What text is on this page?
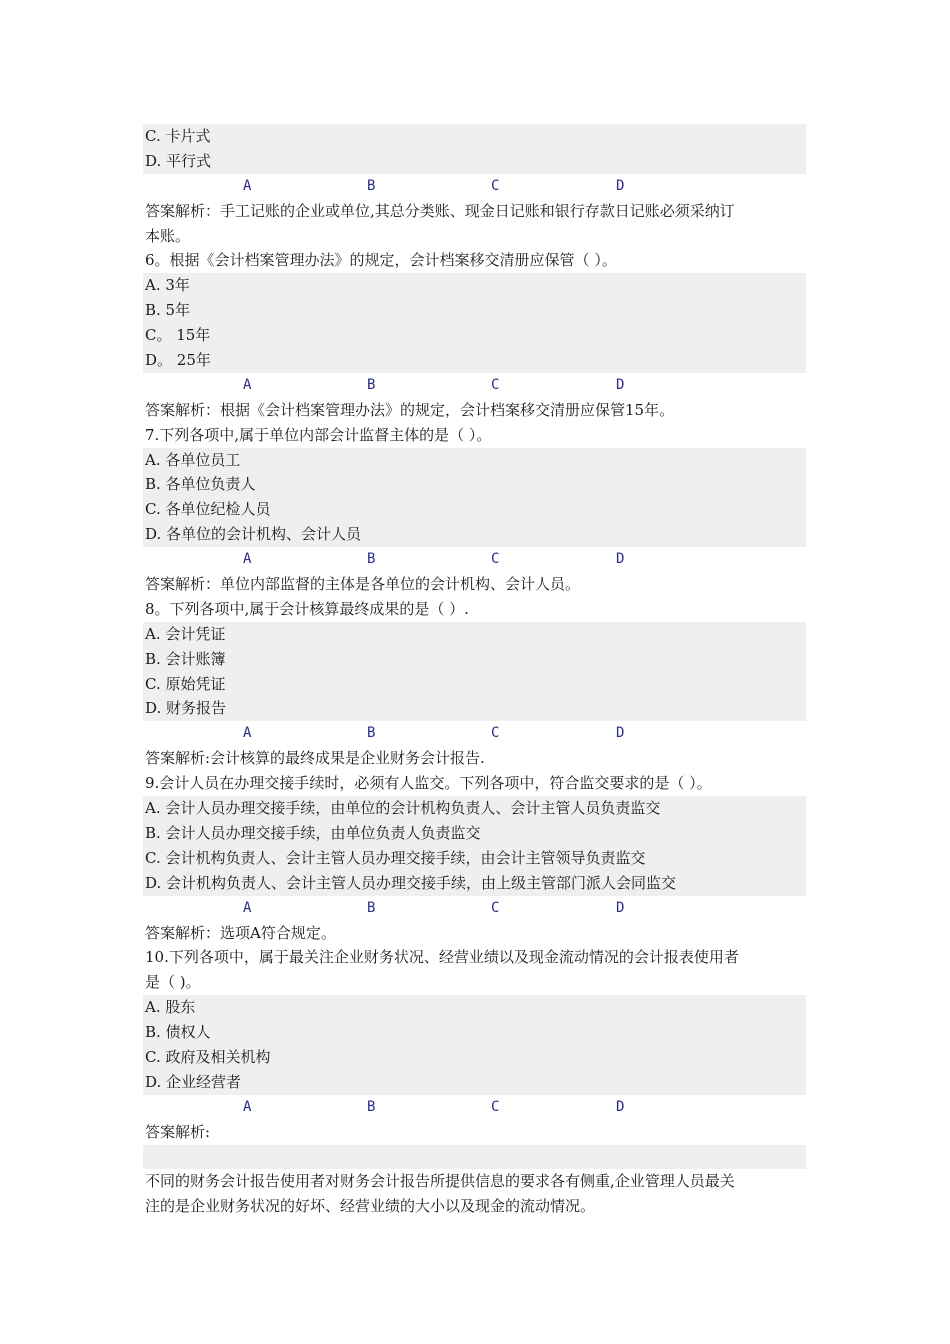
C. 卡片式
D. 平行式
A	B	C	D
答案解析：手工记账的企业或单位,其总分类账、现金日记账和银行存款日记账必须采纳订
本账。
6。根据《会计档案管理办法》的规定，会计档案移交清册应保管（ ）。
A. 3年
B. 5年
C。 15年
D。 25年
A	B	C	D
答案解析：根据《会计档案管理办法》的规定，会计档案移交清册应保管15年。
7.下列各项中,属于单位内部会计监督主体的是（ ）。
A. 各单位员工
B. 各单位负责人
C. 各单位纪检人员
D. 各单位的会计机构、会计人员
A	B	C	D
答案解析：单位内部监督的主体是各单位的会计机构、会计人员。
8。下列各项中,属于会计核算最终成果的是（ ）.
A. 会计凭证
B. 会计账簿
C. 原始凭证
D. 财务报告
A	B	C	D
答案解析:会计核算的最终成果是企业财务会计报告.
9.会计人员在办理交接手续时，必须有人监交。下列各项中，符合监交要求的是（ ）。
A. 会计人员办理交接手续，由单位的会计机构负责人、会计主管人员负责监交
B. 会计人员办理交接手续，由单位负责人负责监交
C. 会计机构负责人、会计主管人员办理交接手续，由会计主管领导负责监交
D. 会计机构负责人、会计主管人员办理交接手续，由上级主管部门派人会同监交
A	B	C	D
答案解析：选项A符合规定。
10.下列各项中，属于最关注企业财务状况、经营业绩以及现金流动情况的会计报表使用者
是（ )。
A. 股东
B. 债权人
C. 政府及相关机构
D. 企业经营者
A	B	C	D
答案解析:
不同的财务会计报告使用者对财务会计报告所提供信息的要求各有侧重,企业管理人员最关
注的是企业财务状况的好坏、经营业绩的大小以及现金的流动情况。
